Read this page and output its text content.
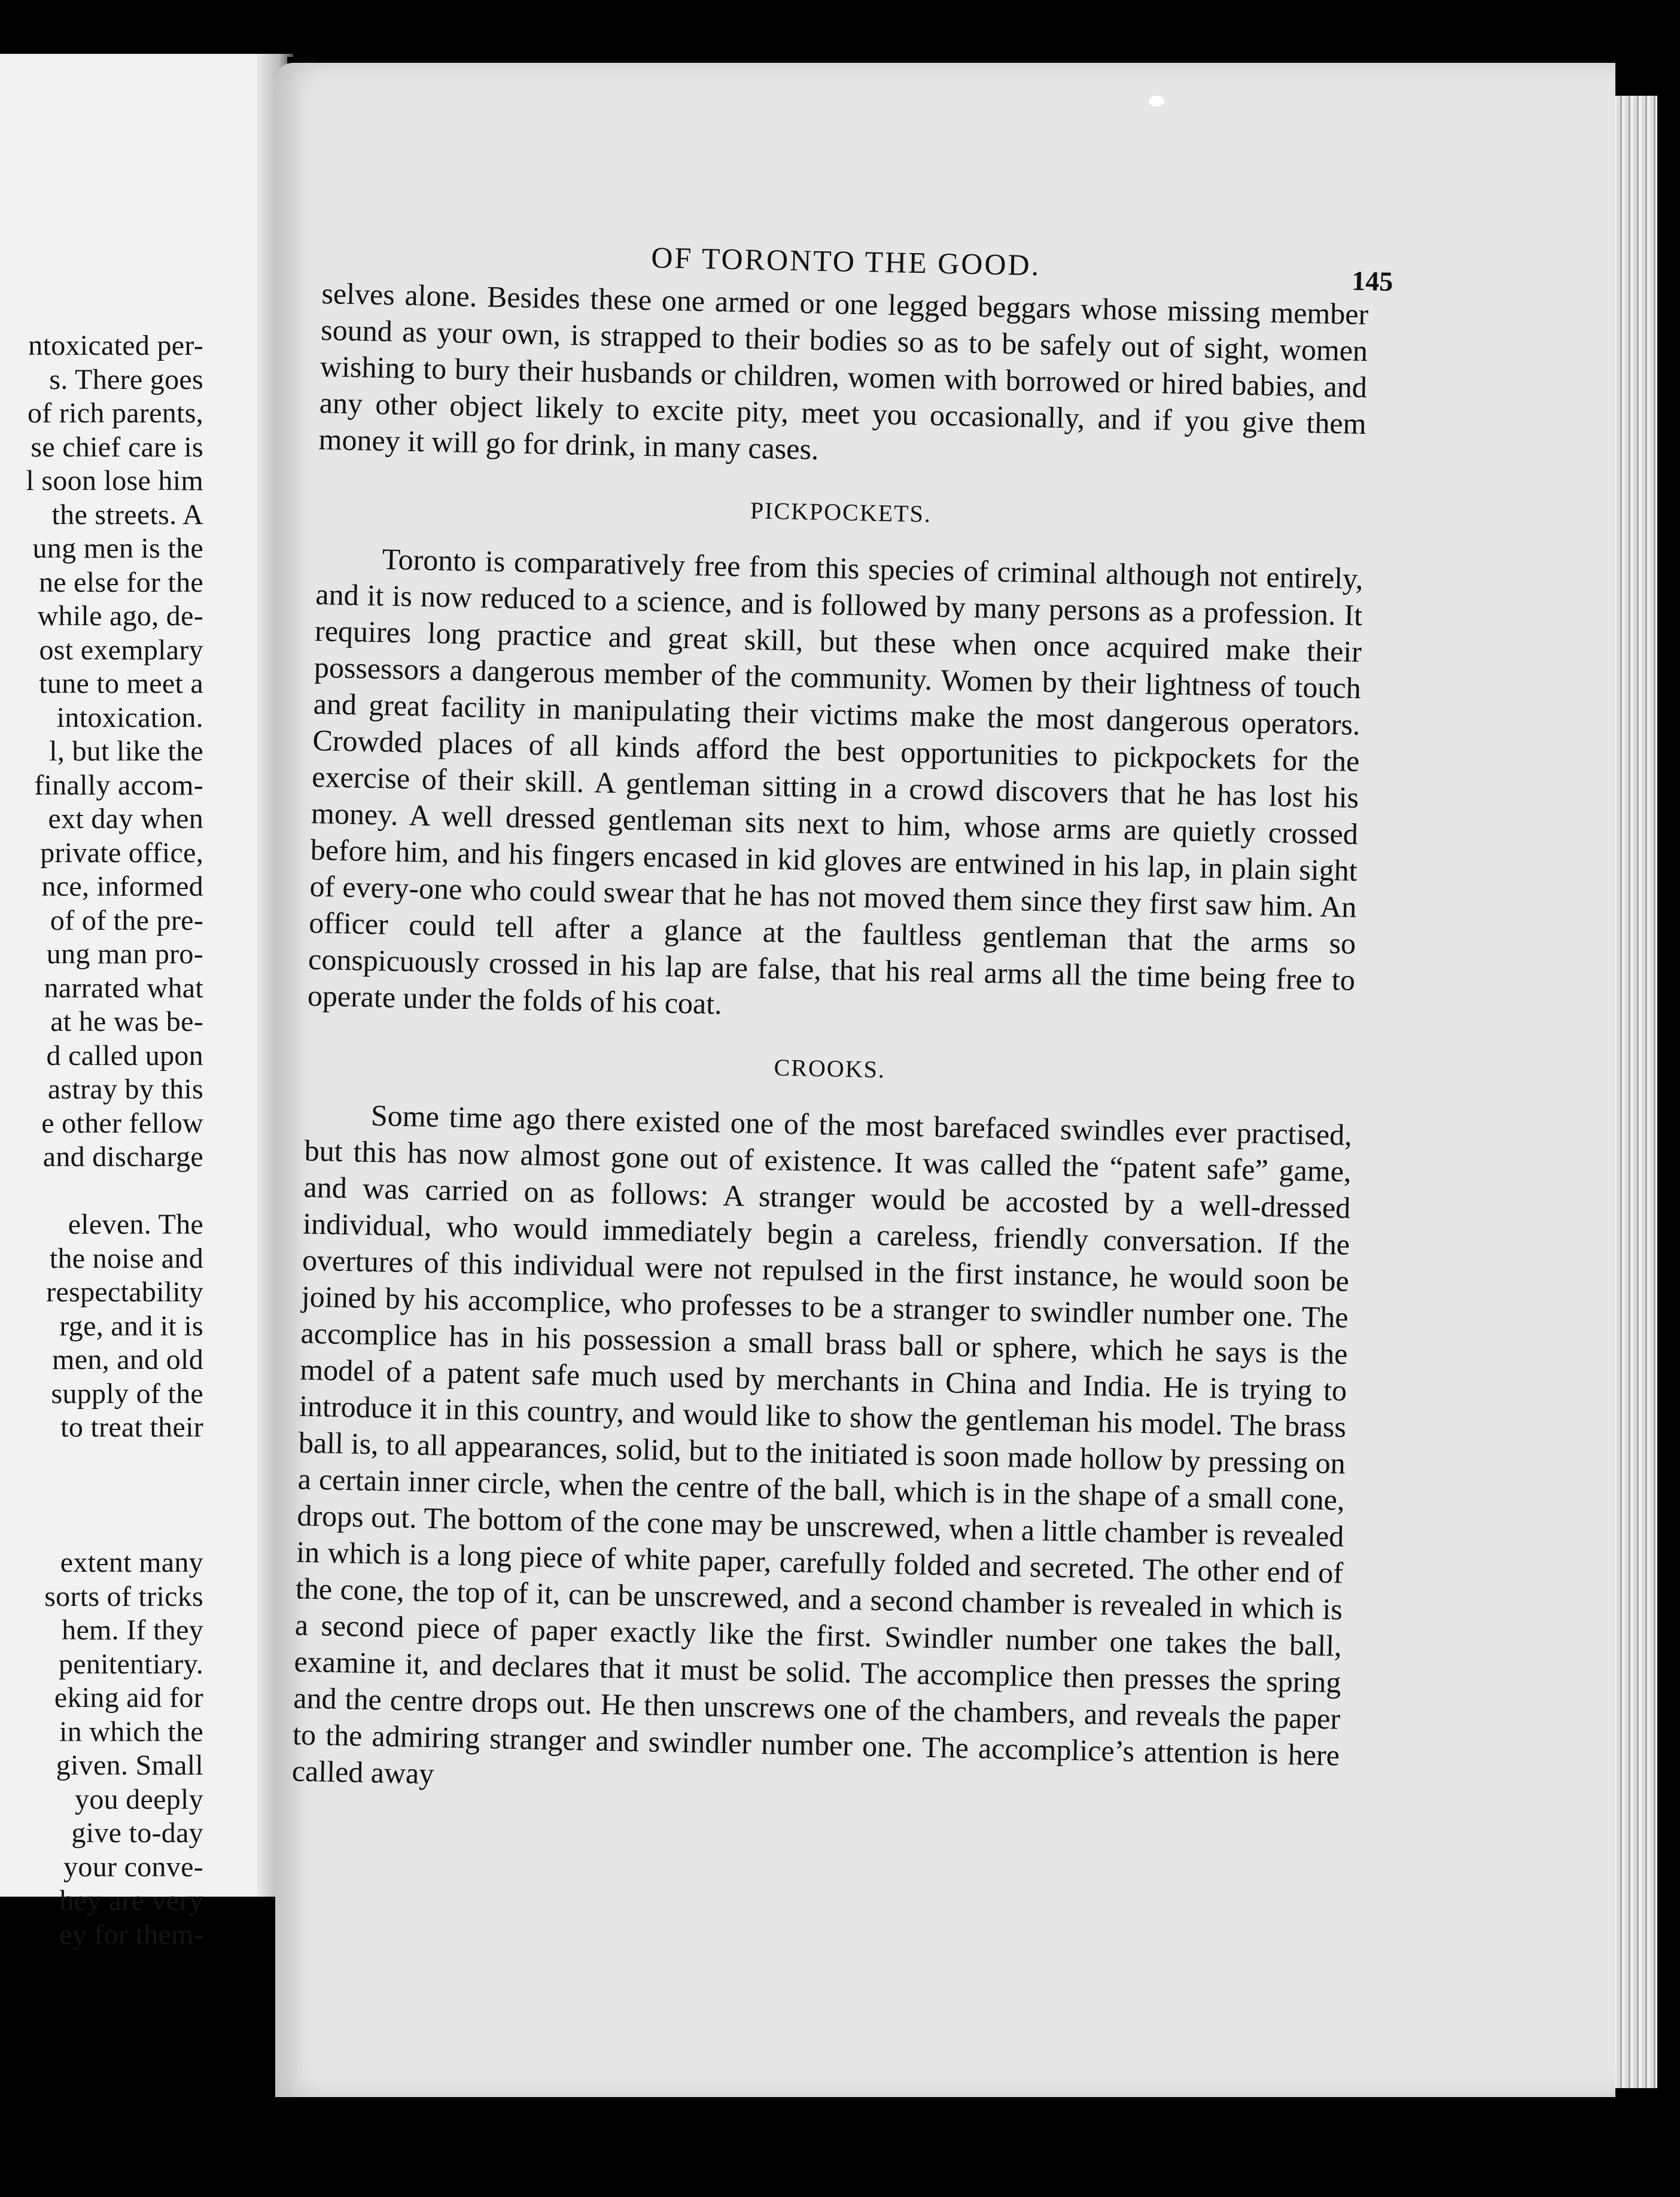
ntoxicated per-
s. There goes
of rich parents,
se chief care is
l soon lose him
the streets. A
ung men is the
ne else for the
while ago, de-
ost exemplary
tune to meet a
intoxication.
l, but like the
finally accom-
ext day when
private office,
nce, informed
of of the pre-
ung man pro-
narrated what
at he was be-
d called upon
astray by this
e other fellow
and discharge
eleven. The
the noise and
respectability
rge, and it is
men, and old
supply of the
to treat their
extent many
sorts of tricks
hem. If they
penitentiary.
eking aid for
in which the
given. Small
you deeply
give to-day
your conve-
hey are very
ey for them-
OF TORONTO THE GOOD.	145

selves alone. Besides these one armed or one legged beggars whose missing member sound as your own, is strapped to their bodies so as to be safely out of sight, women wishing to bury their husbands or children, women with borrowed or hired babies, and any other object likely to excite pity, meet you occasionally, and if you give them money it will go for drink, in many cases.

PICKPOCKETS.

Toronto is comparatively free from this species of criminal although not entirely, and it is now reduced to a science, and is followed by many persons as a profession. It requires long practice and great skill, but these when once acquired make their possessors a dangerous member of the community. Women by their lightness of touch and great facility in manipulating their victims make the most dangerous operators. Crowded places of all kinds afford the best opportunities to pickpockets for the exercise of their skill. A gentleman sitting in a crowd discovers that he has lost his money. A well dressed gentleman sits next to him, whose arms are quietly crossed before him, and his fingers encased in kid gloves are entwined in his lap, in plain sight of every-one who could swear that he has not moved them since they first saw him. An officer could tell after a glance at the faultless gentleman that the arms so conspicuously crossed in his lap are false, that his real arms all the time being free to operate under the folds of his coat.

CROOKS.

Some time ago there existed one of the most barefaced swindles ever practised, but this has now almost gone out of existence. It was called the “patent safe” game, and was carried on as follows: A stranger would be accosted by a well-dressed individual, who would immediately begin a careless, friendly conversation. If the overtures of this individual were not repulsed in the first instance, he would soon be joined by his accomplice, who professes to be a stranger to swindler number one. The accomplice has in his possession a small brass ball or sphere, which he says is the model of a patent safe much used by merchants in China and India. He is trying to introduce it in this country, and would like to show the gentleman his model. The brass ball is, to all appearances, solid, but to the initiated is soon made hollow by pressing on a certain inner circle, when the centre of the ball, which is in the shape of a small cone, drops out. The bottom of the cone may be unscrewed, when a little chamber is revealed in which is a long piece of white paper, carefully folded and secreted. The other end of the cone, the top of it, can be unscrewed, and a second chamber is revealed in which is a second piece of paper exactly like the first. Swindler number one takes the ball, examine it, and declares that it must be solid. The accomplice then presses the spring and the centre drops out. He then unscrews one of the chambers, and reveals the paper to the admiring stranger and swindler number one. The accomplice’s attention is here called away
